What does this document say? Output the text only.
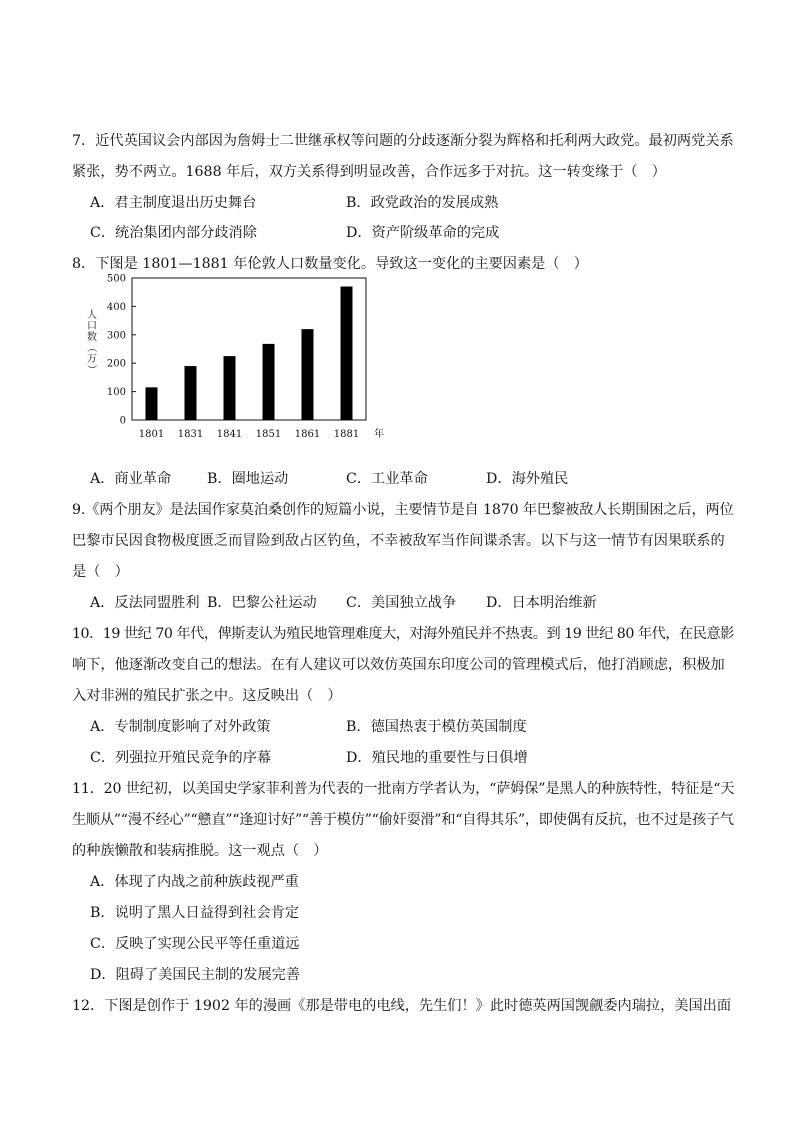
7．近代英国议会内部因为詹姆士二世继承权等问题的分歧逐渐分裂为辉格和托利两大政党。最初两党关系
紧张，势不两立。1688 年后，双方关系得到明显改善，合作远多于对抗。这一转变缘于（　）
A．君主制度退出历史舞台	B．政党政治的发展成熟
C．统治集团内部分歧消除	D．资产阶级革命的完成
8．下图是 1801—1881 年伦敦人口数量变化。导致这一变化的主要因素是（　）
人
口
数
（
万
）
0
100
200
300
400
500
1801 1831 1841 1851 1861 1881 年
A．商业革命	B．圈地运动	C．工业革命	D．海外殖民
9.《两个朋友》是法国作家莫泊桑创作的短篇小说，主要情节是自 1870 年巴黎被敌人长期围困之后，两位
巴黎市民因食物极度匮乏而冒险到敌占区钓鱼，不幸被敌军当作间谍杀害。以下与这一情节有因果联系的
是（　）
A．反法同盟胜利 B．巴黎公社运动 C．美国独立战争 D．日本明治维新
10．19 世纪 70 年代，俾斯麦认为殖民地管理难度大，对海外殖民并不热衷。到 19 世纪 80 年代，在民意影
响下，他逐渐改变自己的想法。在有人建议可以效仿英国东印度公司的管理模式后，他打消顾虑，积极加
入对非洲的殖民扩张之中。这反映出（　）
A．专制制度影响了对外政策	B．德国热衷于模仿英国制度
C．列强拉开殖民竞争的序幕	D．殖民地的重要性与日俱增
11．20 世纪初，以美国史学家菲利普为代表的一批南方学者认为，“萨姆保”是黑人的种族特性，特征是“天
生顺从”“漫不经心”“戆直”“逢迎讨好”“善于模仿”“偷奸耍滑”和“自得其乐”，即使偶有反抗，也不过是孩子气
的种族懒散和装病推脱。这一观点（　）
A．体现了内战之前种族歧视严重
B．说明了黑人日益得到社会肯定
C．反映了实现公民平等任重道远
D．阻碍了美国民主制的发展完善
12．下图是创作于 1902 年的漫画《那是带电的电线，先生们！》此时德英两国觊觎委内瑞拉，美国出面
